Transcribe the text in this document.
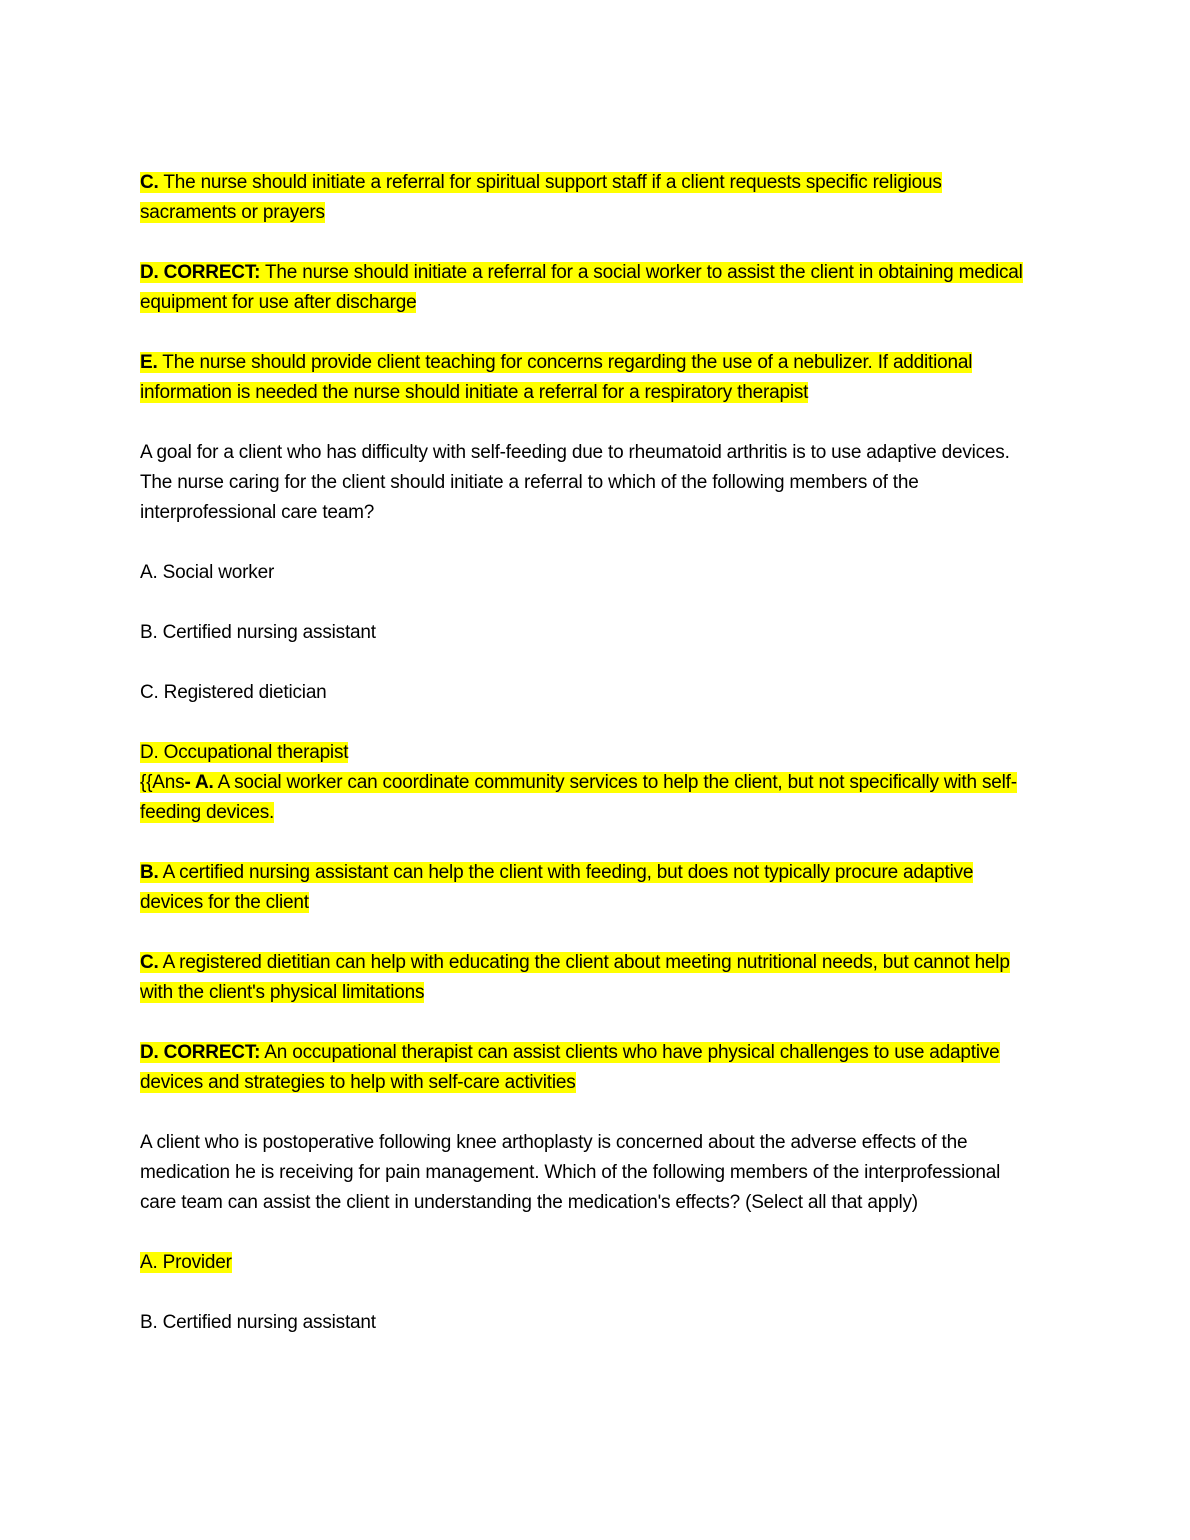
C. The nurse should initiate a referral for spiritual support staff if a client requests specific religious sacraments or prayers

D. CORRECT: The nurse should initiate a referral for a social worker to assist the client in obtaining medical equipment for use after discharge

E. The nurse should provide client teaching for concerns regarding the use of a nebulizer. If additional information is needed the nurse should initiate a referral for a respiratory therapist

A goal for a client who has difficulty with self-feeding due to rheumatoid arthritis is to use adaptive devices. The nurse caring for the client should initiate a referral to which of the following members of the interprofessional care team?

A. Social worker

B. Certified nursing assistant

C. Registered dietician

D. Occupational therapist

{{Ans- A. A social worker can coordinate community services to help the client, but not specifically with self-feeding devices.

B. A certified nursing assistant can help the client with feeding, but does not typically procure adaptive devices for the client

C. A registered dietitian can help with educating the client about meeting nutritional needs, but cannot help with the client's physical limitations

D. CORRECT: An occupational therapist can assist clients who have physical challenges to use adaptive devices and strategies to help with self-care activities

A client who is postoperative following knee arthoplasty is concerned about the adverse effects of the medication he is receiving for pain management. Which of the following members of the interprofessional care team can assist the client in understanding the medication's effects? (Select all that apply)

A. Provider

B. Certified nursing assistant
